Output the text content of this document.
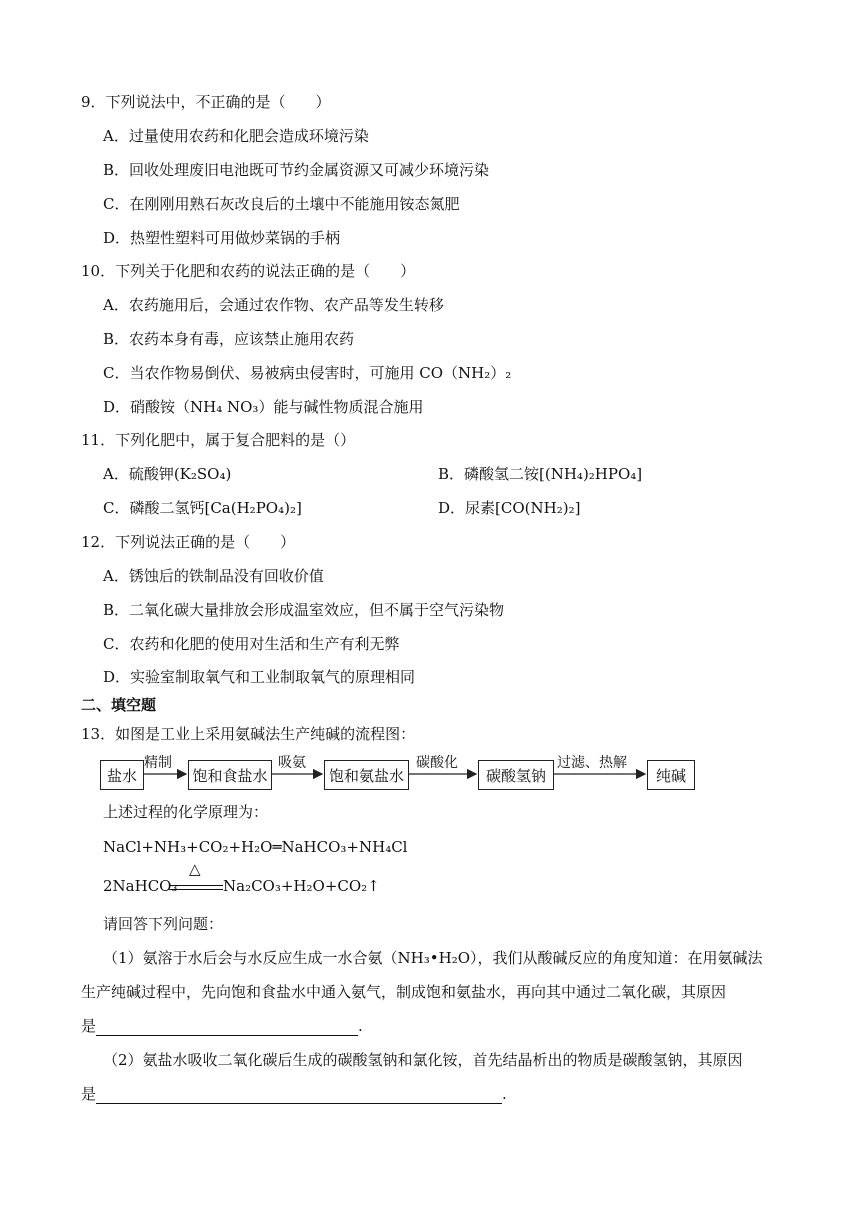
9．下列说法中，不正确的是（　　）
A．过量使用农药和化肥会造成环境污染
B．回收处理废旧电池既可节约金属资源又可减少环境污染
C．在刚刚用熟石灰改良后的土壤中不能施用铵态氮肥
D．热塑性塑料可用做炒菜锅的手柄
10．下列关于化肥和农药的说法正确的是（　　）
A．农药施用后，会通过农作物、农产品等发生转移
B．农药本身有毒，应该禁止施用农药
C．当农作物易倒伏、易被病虫侵害时，可施用 CO（NH₂）₂
D．硝酸铵（NH₄ NO₃）能与碱性物质混合施用
11．下列化肥中，属于复合肥料的是（）
A．硫酸钾(K₂SO₄)	B．磷酸氢二铵[(NH₄)₂HPO₄]
C．磷酸二氢钙[Ca(H₂PO₄)₂]	D．尿素[CO(NH₂)₂]
12．下列说法正确的是（　　）
A．锈蚀后的铁制品没有回收价值
B．二氧化碳大量排放会形成温室效应，但不属于空气污染物
C．农药和化肥的使用对生活和生产有利无弊
D．实验室制取氧气和工业制取氧气的原理相同
二、填空题
13．如图是工业上采用氨碱法生产纯碱的流程图：
盐水
精制
饱和食盐水
吸氨
饱和氨盐水
碳酸化
碳酸氢钠
过滤、热解
纯碱
上述过程的化学原理为：
NaCl+NH₃+CO₂+H₂O═NaHCO₃+NH₄Cl
2NaHCO₃
△
Na₂CO₃+H₂O+CO₂↑
请回答下列问题：
（1）氨溶于水后会与水反应生成一水合氨（NH₃•H₂O），我们从酸碱反应的角度知道：在用氨碱法
生产纯碱过程中，先向饱和食盐水中通入氨气，制成饱和氨盐水，再向其中通过二氧化碳，其原因
是	.
（2）氨盐水吸收二氧化碳后生成的碳酸氢钠和氯化铵，首先结晶析出的物质是碳酸氢钠，其原因
是	.
